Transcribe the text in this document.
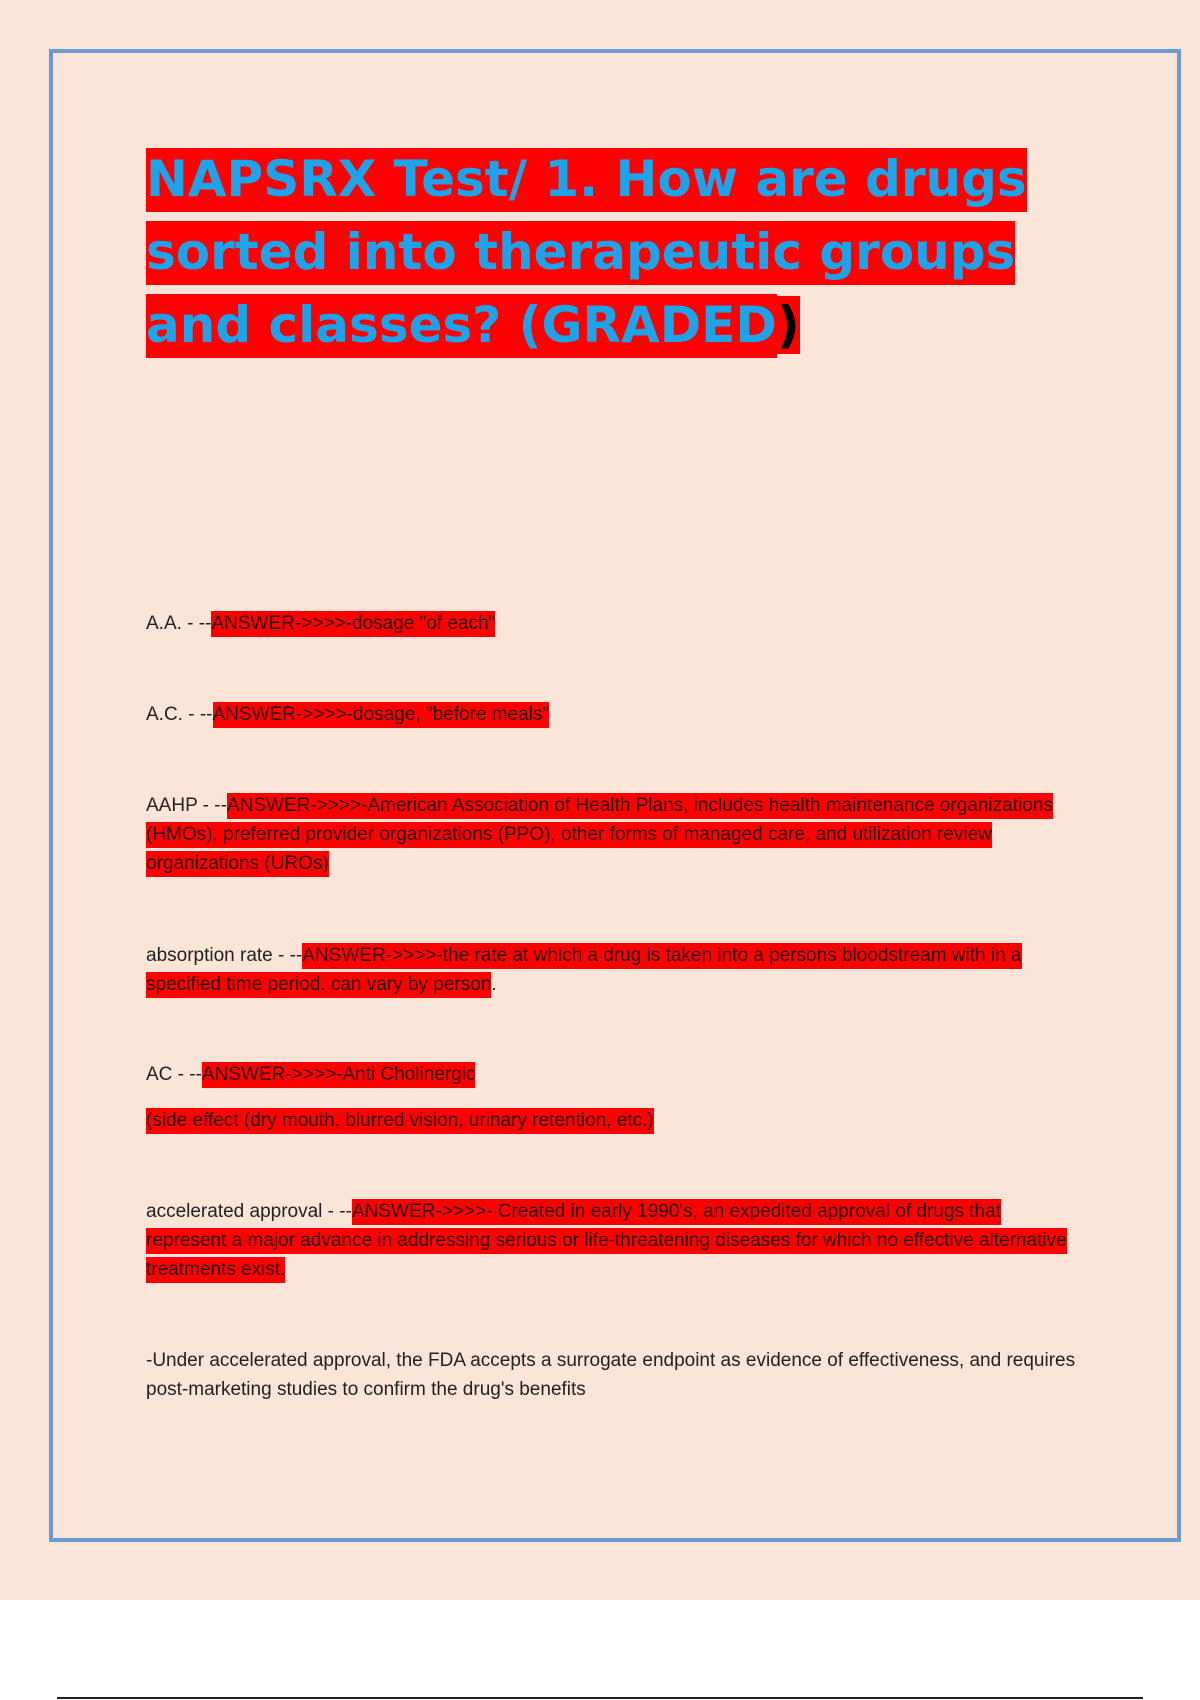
NAPSRX Test/ 1. How are drugs sorted into therapeutic groups and classes? (GRADED)

A.A. - --ANSWER->>>>-dosage "of each"

A.C. - --ANSWER->>>>-dosage, "before meals"

AAHP - --ANSWER->>>>-American Association of Health Plans, includes health maintenance organizations (HMOs), preferred provider organizations (PPO), other forms of managed care, and utilization review organizations (UROs)

absorption rate - --ANSWER->>>>-the rate at which a drug is taken into a persons bloodstream with in a specified time period. can vary by person.

AC - --ANSWER->>>>-Anti Cholinergic

(side effect (dry mouth, blurred vision, urinary retention, etc.)

accelerated approval - --ANSWER->>>>- Created in early 1990's, an expedited approval of drugs that represent a major advance in addressing serious or life-threatening diseases for which no effective alternative treatments exist.

-Under accelerated approval, the FDA accepts a surrogate endpoint as evidence of effectiveness, and requires post-marketing studies to confirm the drug's benefits
